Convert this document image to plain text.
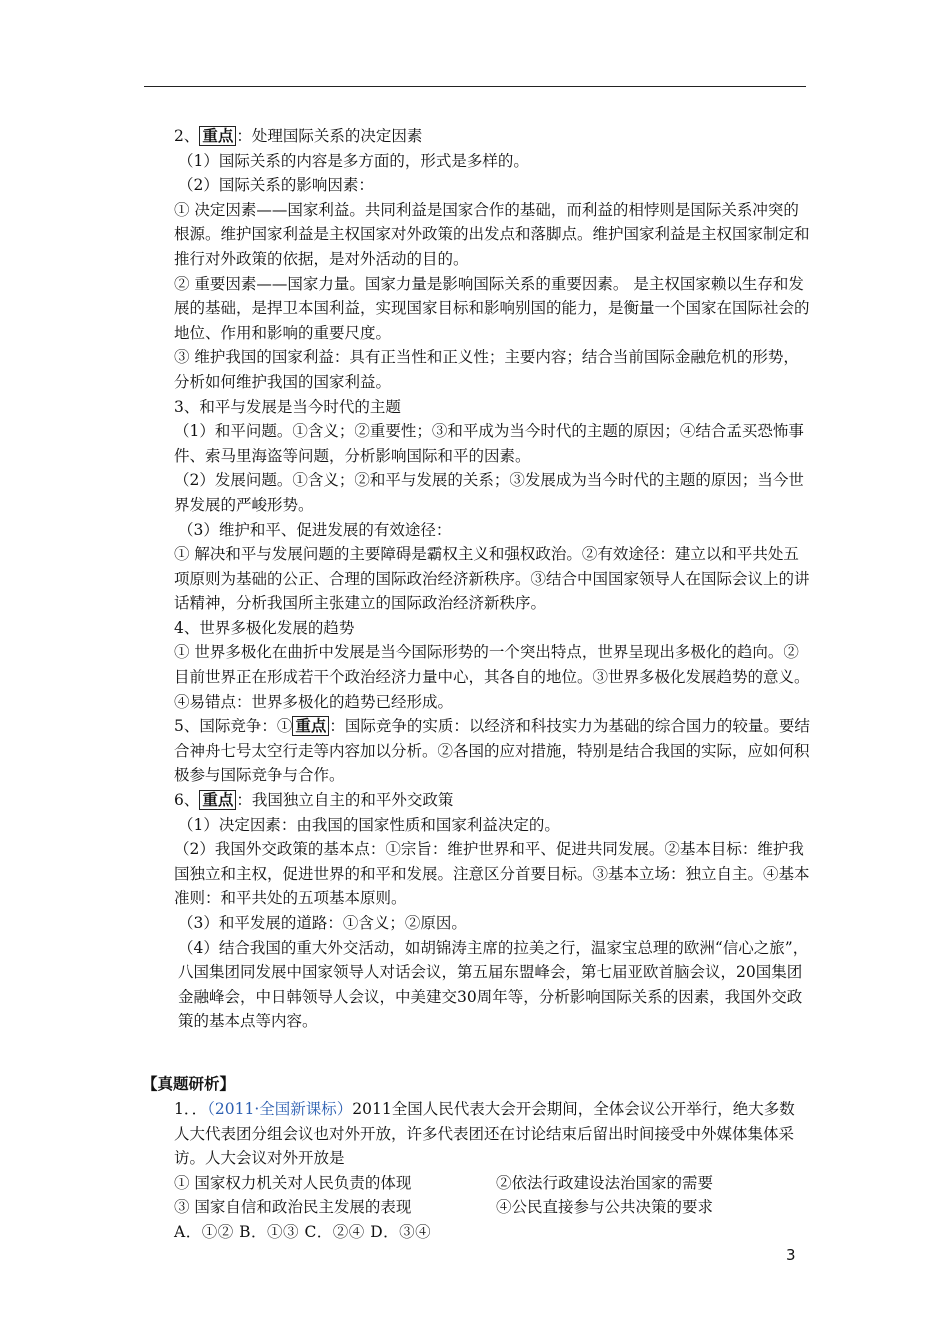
2、 重点 ：处理国际关系的决定因素

（1）国际关系的内容是多方面的，形式是多样的。

（2）国际关系的影响因素：

① 决定因素——国家利益。共同利益是国家合作的基础，而利益的相悖则是国际关系冲突的根源。维护国家利益是主权国家对外政策的出发点和落脚点。维护国家利益是主权国家制定和推行对外政策的依据，是对外活动的目的。

② 重要因素——国家力量。国家力量是影响国际关系的重要因素。 是主权国家赖以生存和发展的基础，是捍卫本国利益，实现国家目标和影响别国的能力，是衡量一个国家在国际社会的地位、作用和影响的重要尺度。

③ 维护我国的国家利益：具有正当性和正义性；主要内容；结合当前国际金融危机的形势，分析如何维护我国的国家利益。

3、和平与发展是当今时代的主题

（1）和平问题。①含义；②重要性；③和平成为当今时代的主题的原因；④结合孟买恐怖事件、索马里海盗等问题，分析影响国际和平的因素。

（2）发展问题。①含义；②和平与发展的关系；③发展成为当今时代的主题的原因；当今世界发展的严峻形势。

（3）维护和平、促进发展的有效途径：

① 解决和平与发展问题的主要障碍是霸权主义和强权政治。②有效途径：建立以和平共处五项原则为基础的公正、合理的国际政治经济新秩序。③结合中国国家领导人在国际会议上的讲话精神，分析我国所主张建立的国际政治经济新秩序。

4、世界多极化发展的趋势

① 世界多极化在曲折中发展是当今国际形势的一个突出特点，世界呈现出多极化的趋向。②目前世界正在形成若干个政治经济力量中心，其各自的地位。③世界多极化发展趋势的意义。④易错点：世界多极化的趋势已经形成。

5、国际竞争：① 重点 ：国际竞争的实质：以经济和科技实力为基础的综合国力的较量。要结合神舟七号太空行走等内容加以分析。②各国的应对措施，特别是结合我国的实际，应如何积极参与国际竞争与合作。

6、 重点 ：我国独立自主的和平外交政策

（1）决定因素：由我国的国家性质和国家利益决定的。

（2）我国外交政策的基本点：①宗旨：维护世界和平、促进共同发展。②基本目标：维护我国独立和主权，促进世界的和平和发展。注意区分首要目标。③基本立场：独立自主。④基本准则：和平共处的五项基本原则。

（3）和平发展的道路：①含义；②原因。

（4）结合我国的重大外交活动，如胡锦涛主席的拉美之行，温家宝总理的欧洲“信心之旅”，八国集团同发展中国家领导人对话会议，第五届东盟峰会，第七届亚欧首脑会议，20国集团金融峰会，中日韩领导人会议，中美建交30周年等，分析影响国际关系的因素，我国外交政策的基本点等内容。

【真题研析】

1．．（2011·全国新课标）2011全国人民代表大会开会期间，全体会议公开举行，绝大多数人大代表团分组会议也对外开放，许多代表团还在讨论结束后留出时间接受中外媒体集体采访。人大会议对外开放是
① 国家权力机关对人民负责的体现	②依法行政建设法治国家的需要
③ 国家自信和政治民主发展的表现	④公民直接参与公共决策的要求
A．①② B．①③ C．②④ D．③④
3
